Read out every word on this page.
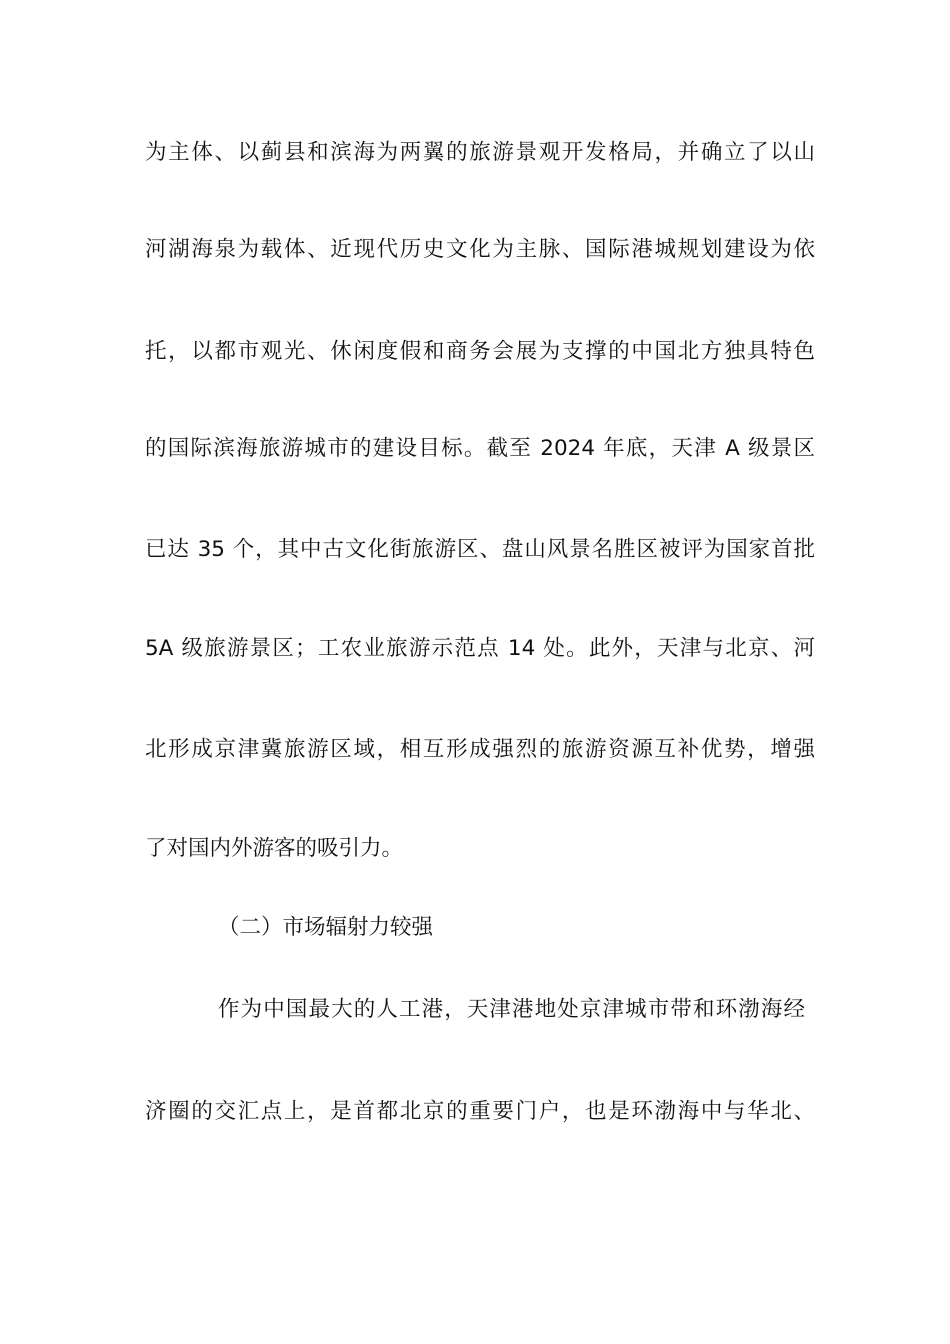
为主体、以蓟县和滨海为两翼的旅游景观开发格局，并确立了以山
河湖海泉为载体、近现代历史文化为主脉、国际港城规划建设为依
托，以都市观光、休闲度假和商务会展为支撑的中国北方独具特色
的国际滨海旅游城市的建设目标。截至 2024 年底，天津 A 级景区
已达 35 个，其中古文化街旅游区、盘山风景名胜区被评为国家首批
5A 级旅游景区；工农业旅游示范点 14 处。此外，天津与北京、河
北形成京津冀旅游区域，相互形成强烈的旅游资源互补优势，增强
了对国内外游客的吸引力。
（二）市场辐射力较强
作为中国最大的人工港，天津港地处京津城市带和环渤海经
济圈的交汇点上，是首都北京的重要门户，也是环渤海中与华北、
